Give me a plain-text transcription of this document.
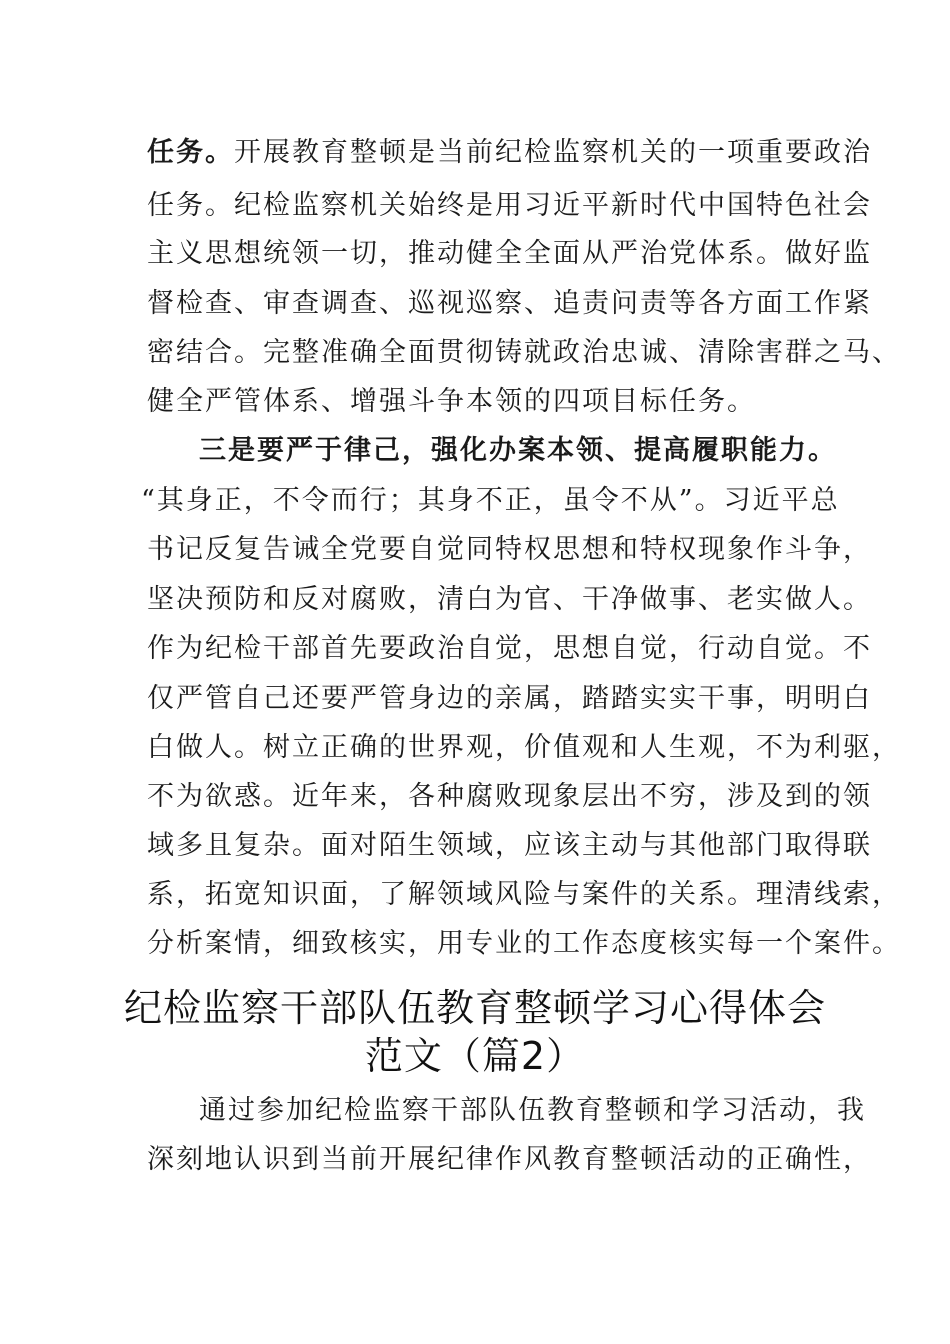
任务。开展教育整顿是当前纪检监察机关的一项重要政治
任务。纪检监察机关始终是用习近平新时代中国特色社会
主义思想统领一切，推动健全全面从严治党体系。做好监
督检查、审查调查、巡视巡察、追责问责等各方面工作紧
密结合。完整准确全面贯彻铸就政治忠诚、清除害群之马、
健全严管体系、增强斗争本领的四项目标任务。
三是要严于律己，强化办案本领、提高履职能力。
“其身正，不令而行；其身不正，虽令不从”。习近平总
书记反复告诫全党要自觉同特权思想和特权现象作斗争，
坚决预防和反对腐败，清白为官、干净做事、老实做人。
作为纪检干部首先要政治自觉，思想自觉，行动自觉。不
仅严管自己还要严管身边的亲属，踏踏实实干事，明明白
白做人。树立正确的世界观，价值观和人生观，不为利驱，
不为欲惑。近年来，各种腐败现象层出不穷，涉及到的领
域多且复杂。面对陌生领域，应该主动与其他部门取得联
系，拓宽知识面，了解领域风险与案件的关系。理清线索，
分析案情，细致核实，用专业的工作态度核实每一个案件。
纪检监察干部队伍教育整顿学习心得体会
范文（篇2）
通过参加纪检监察干部队伍教育整顿和学习活动，我
深刻地认识到当前开展纪律作风教育整顿活动的正确性，
